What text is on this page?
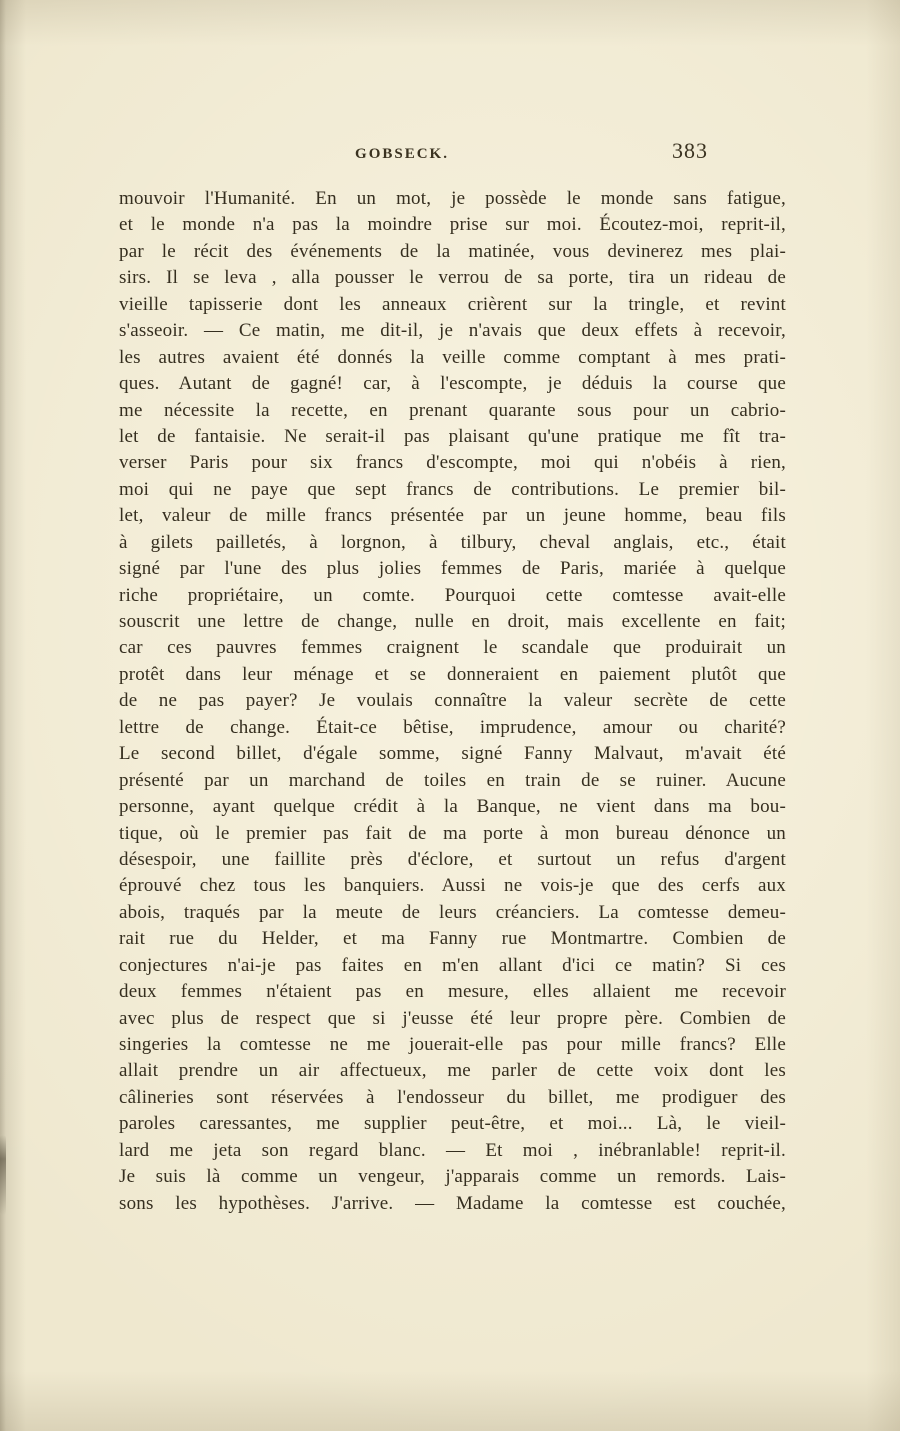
GOBSECK.	383
mouvoir l'Humanité. En un mot, je possède le monde sans fatigue,
et le monde n'a pas la moindre prise sur moi. Écoutez-moi, reprit-il,
par le récit des événements de la matinée, vous devinerez mes plai-
sirs. Il se leva , alla pousser le verrou de sa porte, tira un rideau de
vieille tapisserie dont les anneaux crièrent sur la tringle, et revint
s'asseoir. — Ce matin, me dit-il, je n'avais que deux effets à recevoir,
les autres avaient été donnés la veille comme comptant à mes prati-
ques. Autant de gagné! car, à l'escompte, je déduis la course que
me nécessite la recette, en prenant quarante sous pour un cabrio-
let de fantaisie. Ne serait-il pas plaisant qu'une pratique me fît tra-
verser Paris pour six francs d'escompte, moi qui n'obéis à rien,
moi qui ne paye que sept francs de contributions. Le premier bil-
let, valeur de mille francs présentée par un jeune homme, beau fils
à gilets pailletés, à lorgnon, à tilbury, cheval anglais, etc., était
signé par l'une des plus jolies femmes de Paris, mariée à quelque
riche propriétaire, un comte. Pourquoi cette comtesse avait-elle
souscrit une lettre de change, nulle en droit, mais excellente en fait;
car ces pauvres femmes craignent le scandale que produirait un
protêt dans leur ménage et se donneraient en paiement plutôt que
de ne pas payer? Je voulais connaître la valeur secrète de cette
lettre de change. Était-ce bêtise, imprudence, amour ou charité?
Le second billet, d'égale somme, signé Fanny Malvaut, m'avait été
présenté par un marchand de toiles en train de se ruiner. Aucune
personne, ayant quelque crédit à la Banque, ne vient dans ma bou-
tique, où le premier pas fait de ma porte à mon bureau dénonce un
désespoir, une faillite près d'éclore, et surtout un refus d'argent
éprouvé chez tous les banquiers. Aussi ne vois-je que des cerfs aux
abois, traqués par la meute de leurs créanciers. La comtesse demeu-
rait rue du Helder, et ma Fanny rue Montmartre. Combien de
conjectures n'ai-je pas faites en m'en allant d'ici ce matin? Si ces
deux femmes n'étaient pas en mesure, elles allaient me recevoir
avec plus de respect que si j'eusse été leur propre père. Combien de
singeries la comtesse ne me jouerait-elle pas pour mille francs? Elle
allait prendre un air affectueux, me parler de cette voix dont les
câlineries sont réservées à l'endosseur du billet, me prodiguer des
paroles caressantes, me supplier peut-être, et moi... Là, le vieil-
lard me jeta son regard blanc. — Et moi , inébranlable! reprit-il.
Je suis là comme un vengeur, j'apparais comme un remords. Lais-
sons les hypothèses. J'arrive. — Madame la comtesse est couchée,
